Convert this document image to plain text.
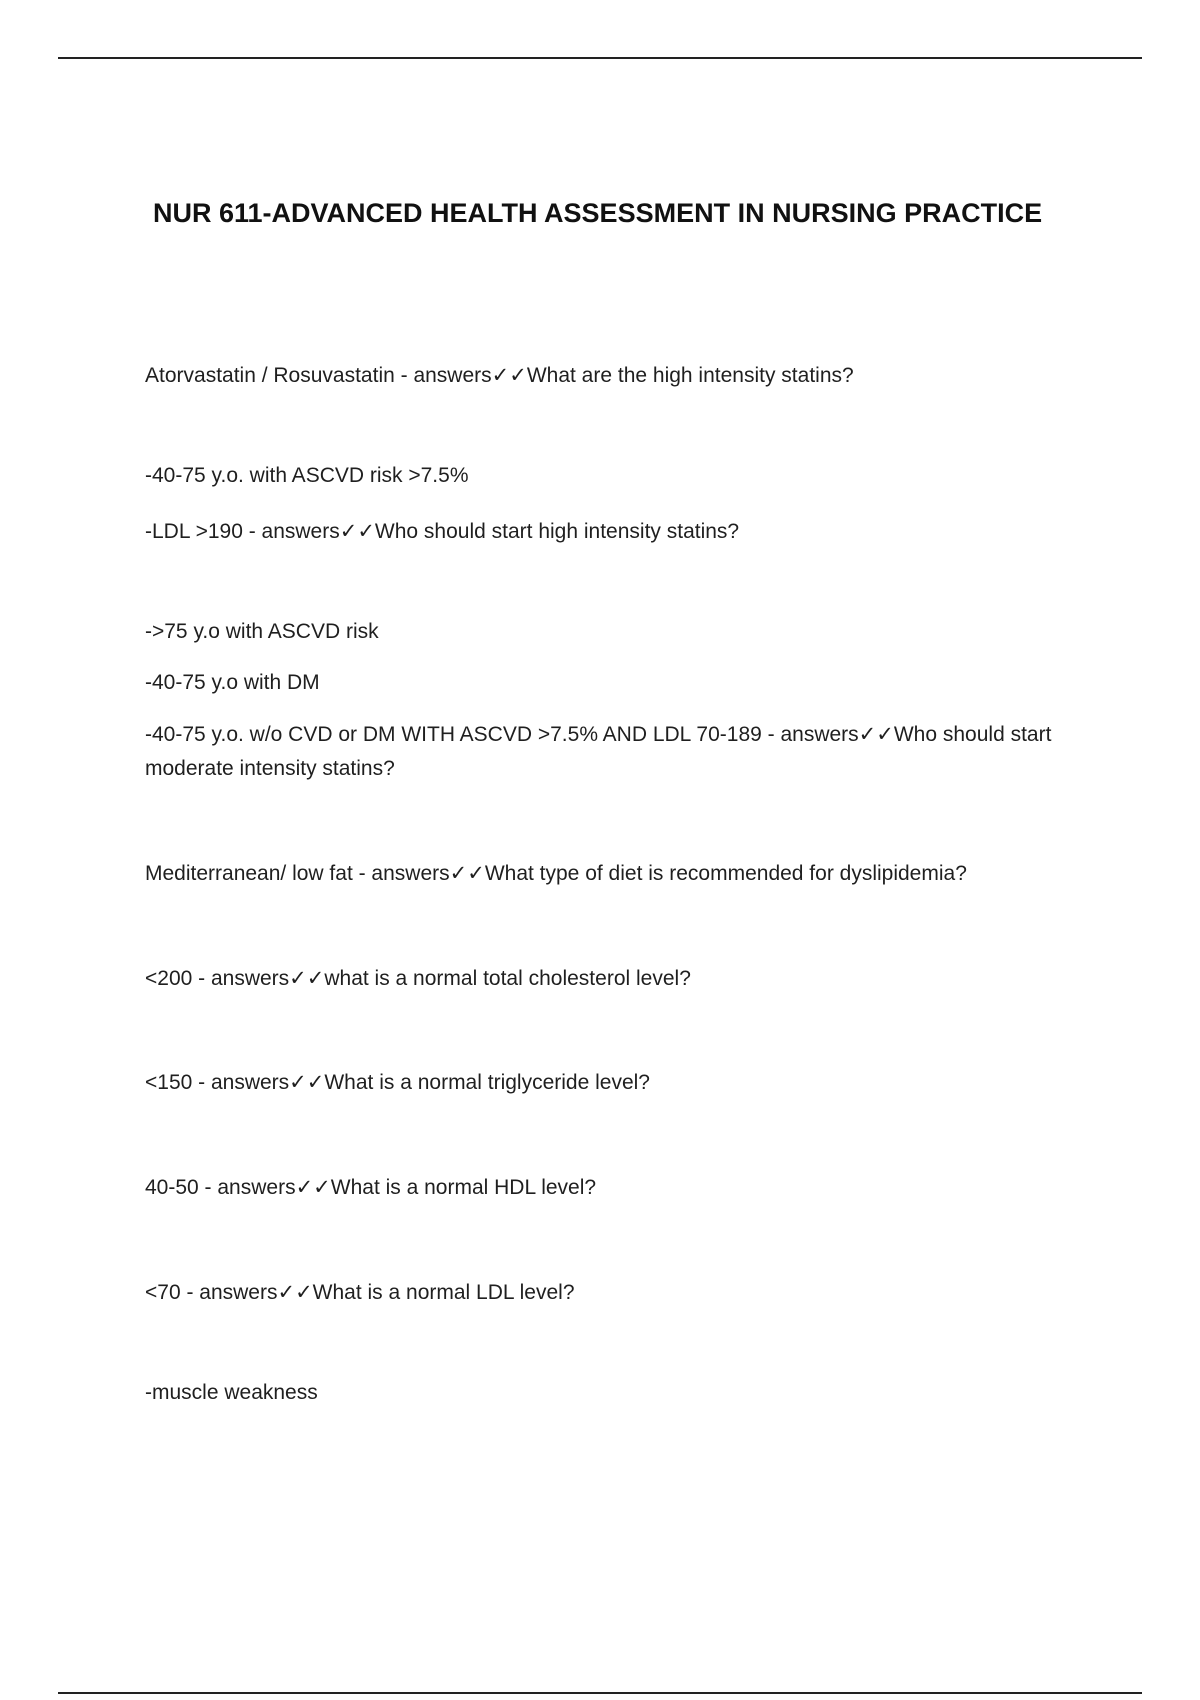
NUR 611-ADVANCED HEALTH ASSESSMENT IN NURSING PRACTICE

Atorvastatin / Rosuvastatin - answers✓✓What are the high intensity statins?

-40-75 y.o. with ASCVD risk >7.5%

-LDL >190 - answers✓✓Who should start high intensity statins?

->75 y.o with ASCVD risk

-40-75 y.o with DM

-40-75 y.o. w/o CVD or DM WITH ASCVD >7.5% AND LDL 70-189 - answers✓✓Who should start

moderate intensity statins?

Mediterranean/ low fat - answers✓✓What type of diet is recommended for dyslipidemia?

<200 - answers✓✓what is a normal total cholesterol level?

<150 - answers✓✓What is a normal triglyceride level?

40-50 - answers✓✓What is a normal HDL level?

<70 - answers✓✓What is a normal LDL level?

-muscle weakness
